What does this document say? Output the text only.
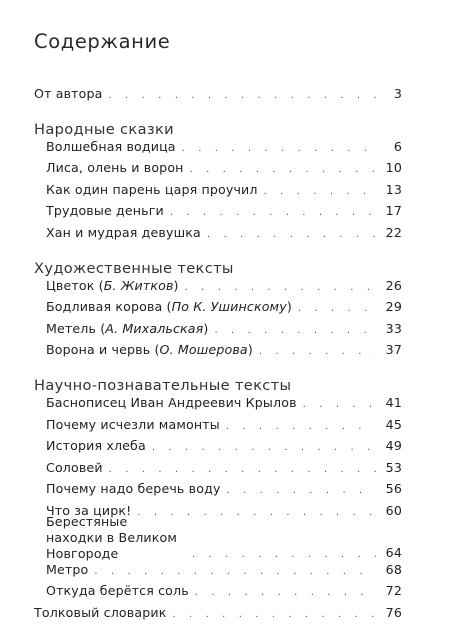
Содержание
От автора . . .	3
Народные сказки
Волшебная водица . . .	6
Лиса, олень и ворон . . .	10
Как один парень царя проучил . . .	13
Трудовые деньги . . .	17
Хан и мудрая девушка . . .	22
Художественные тексты
Цветок (Б. Житков) . . .	26
Бодливая корова (По К. Ушинскому) . . .	29
Метель (А. Михальская) . . .	33
Ворона и червь (О. Мошерова) . . .	37
Научно-познавательные тексты
Баснописец Иван Андреевич Крылов . . .	41
Почему исчезли мамонты . . .	45
История хлеба . . .	49
Соловей . . .	53
Почему надо беречь воду . . .	56
Что за цирк! . . .	60
Берестяные находки в Великом Новгороде . . .	64
Метро . . .	68
Откуда берётся соль . . .	72
Толковый словарик . . .	76
